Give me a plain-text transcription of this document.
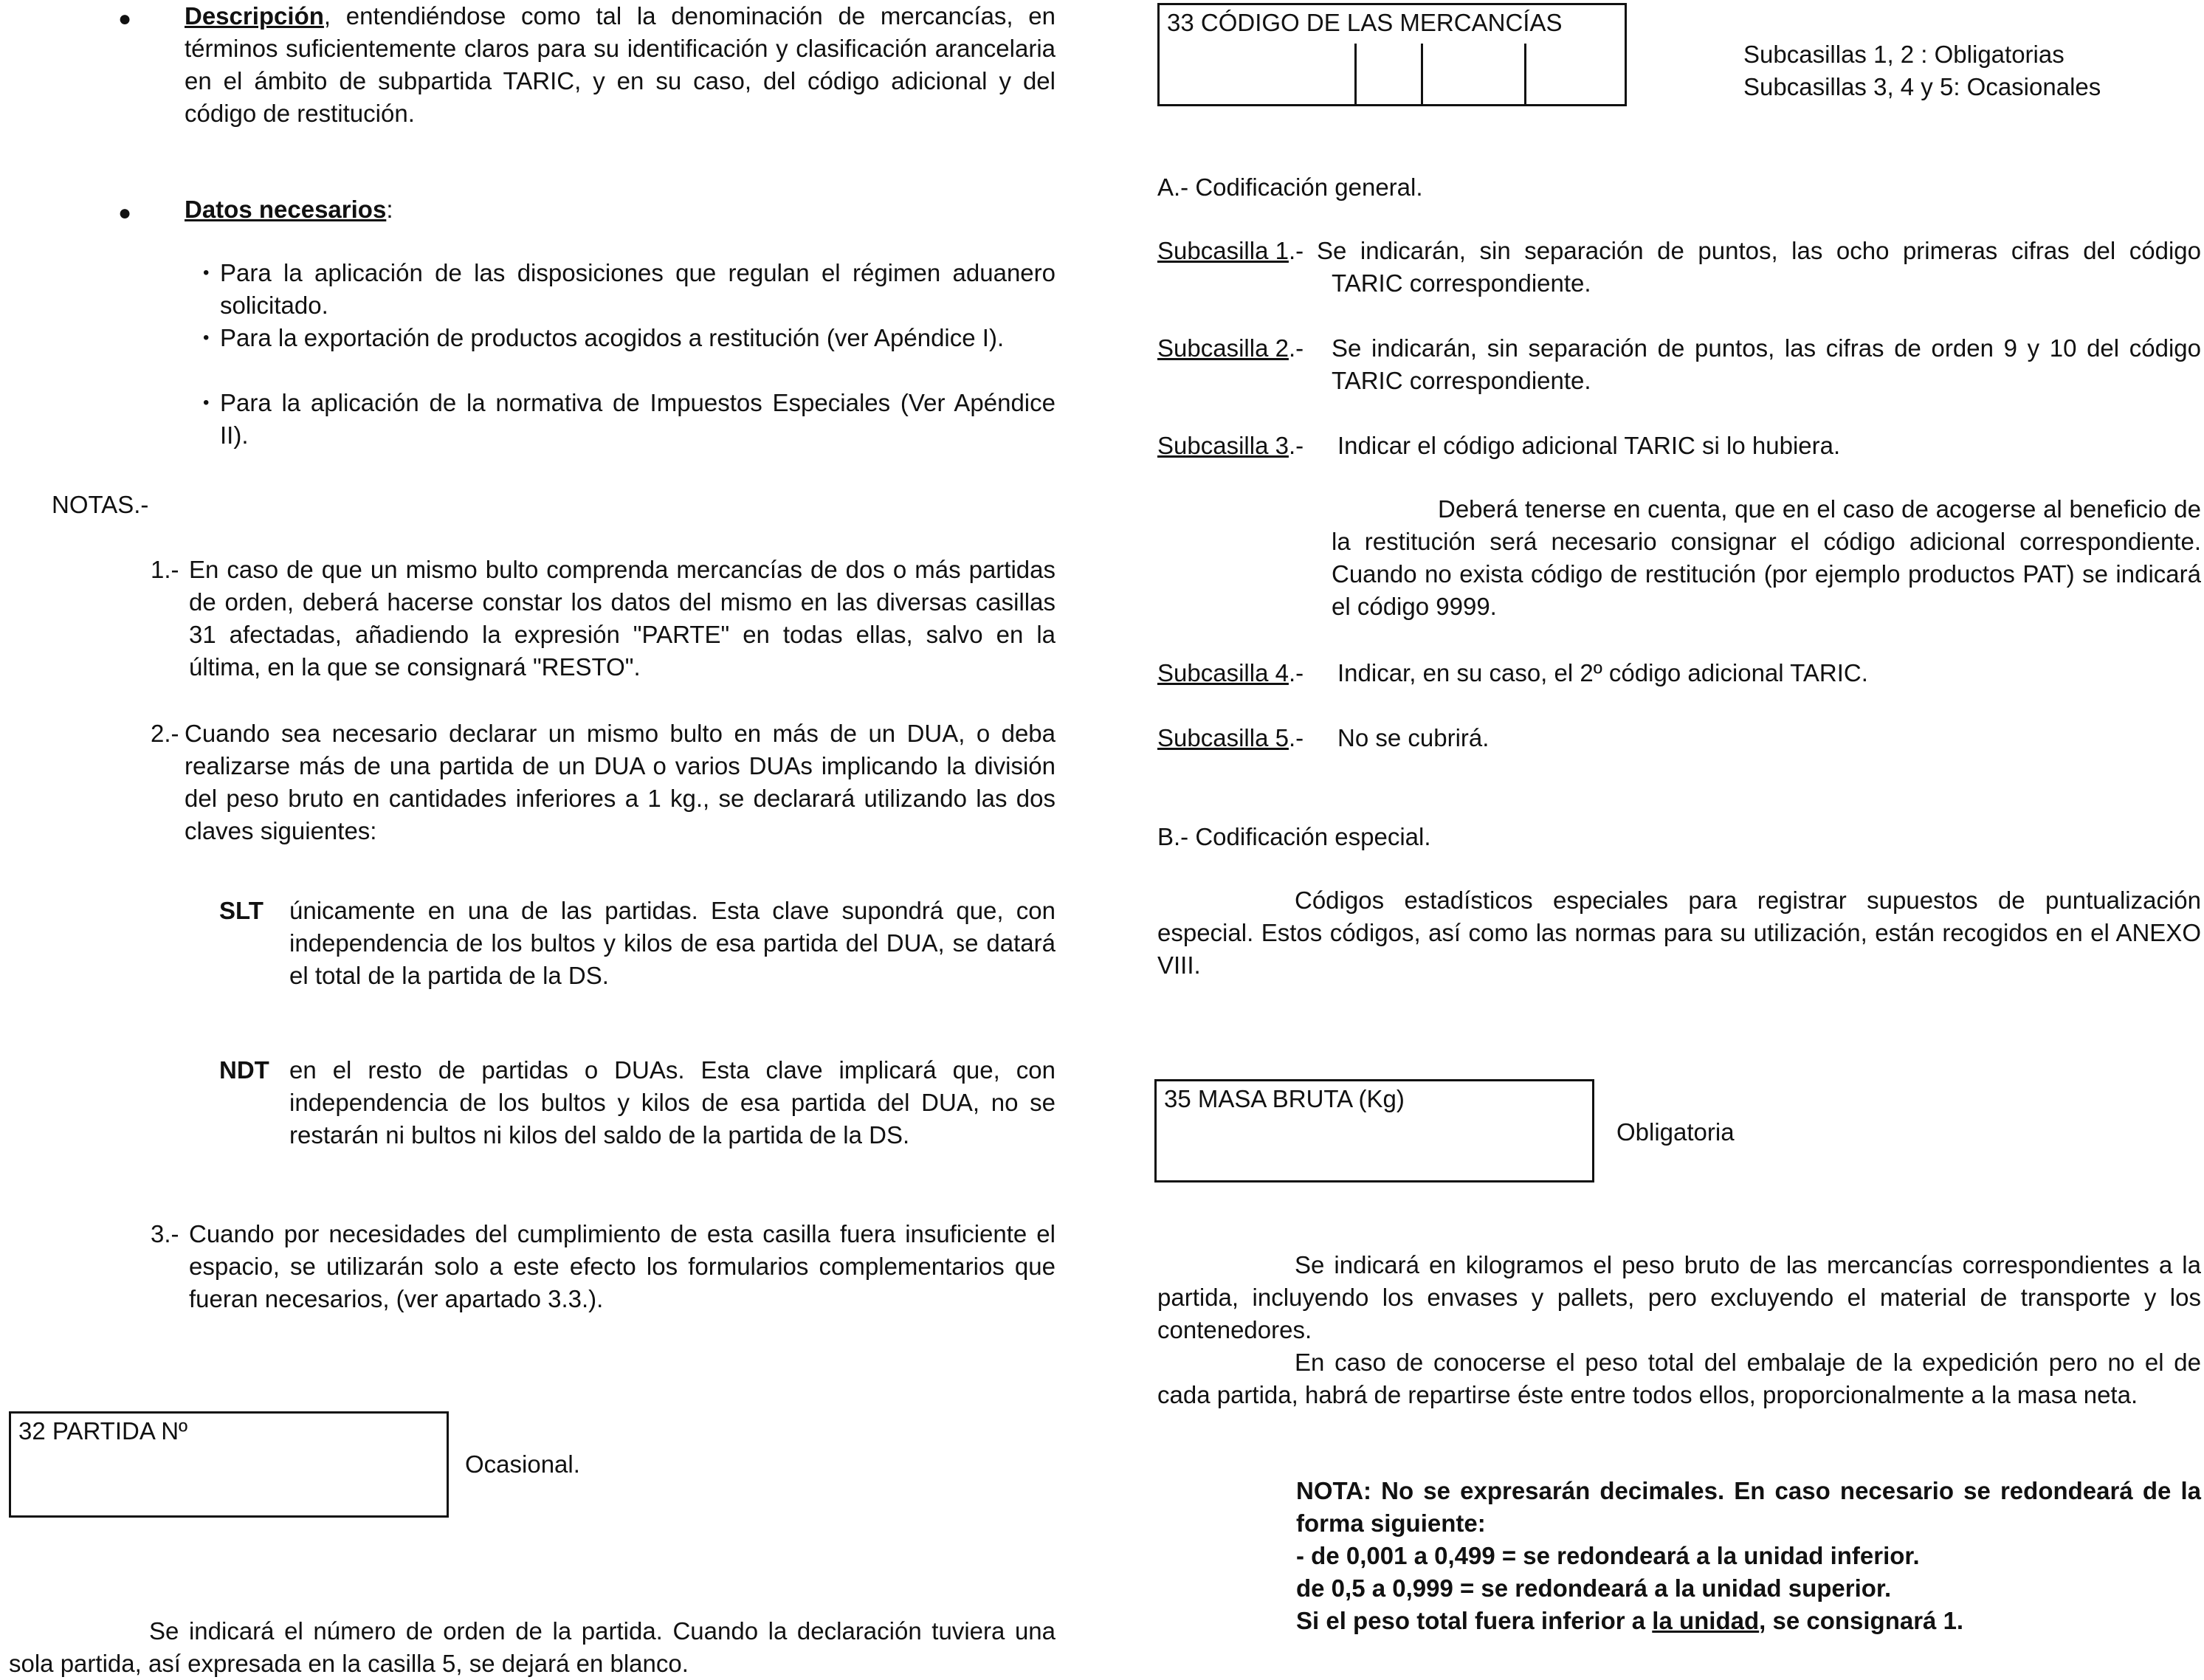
● Descripción, entendiéndose como tal la denominación de mercancías, en términos suficientemente claros para su identificación y clasificación arancelaria en el ámbito de subpartida TARIC, y en su caso, del código adicional y del código de restitución.

● Datos necesarios:

• Para la aplicación de las disposiciones que regulan el régimen aduanero solicitado.

• Para la exportación de productos acogidos a restitución (ver Apéndice I).

• Para la aplicación de la normativa de Impuestos Especiales (Ver Apéndice II).

NOTAS.-

1.- En caso de que un mismo bulto comprenda mercancías de dos o más partidas de orden, deberá hacerse constar los datos del mismo en las diversas casillas 31 afectadas, añadiendo la expresión "PARTE" en todas ellas, salvo en la última, en la que se consignará "RESTO".

2.- Cuando sea necesario declarar un mismo bulto en más de un DUA, o deba realizarse más de una partida de un DUA o varios DUAs implicando la división del peso bruto en cantidades inferiores a 1 kg., se declarará utilizando las dos claves siguientes:

SLT únicamente en una de las partidas. Esta clave supondrá que, con independencia de los bultos y kilos de esa partida del DUA, se datará el total de la partida de la DS.

NDT en el resto de partidas o DUAs. Esta clave implicará que, con independencia de los bultos y kilos de esa partida del DUA, no se restarán ni bultos ni kilos del saldo de la partida de la DS.

3.- Cuando por necesidades del cumplimiento de esta casilla fuera insuficiente el espacio, se utilizarán solo a este efecto los formularios complementarios que fueran necesarios, (ver apartado 3.3.).

32 PARTIDA Nº

Ocasional.

Se indicará el número de orden de la partida. Cuando la declaración tuviera una sola partida, así expresada en la casilla 5, se dejará en blanco.

33 CÓDIGO DE LAS MERCANCÍAS

Subcasillas 1, 2 : Obligatorias

Subcasillas 3, 4 y 5: Ocasionales

A.- Codificación general.

Subcasilla 1.- Se indicarán, sin separación de puntos, las ocho primeras cifras del código TARIC correspondiente.

Subcasilla 2.- Se indicarán, sin separación de puntos, las cifras de orden 9 y 10 del código TARIC correspondiente.

Subcasilla 3.- Indicar el código adicional TARIC si lo hubiera.

Deberá tenerse en cuenta, que en el caso de acogerse al beneficio de la restitución será necesario consignar el código adicional correspondiente. Cuando no exista código de restitución (por ejemplo productos PAT) se indicará el código 9999.

Subcasilla 4.- Indicar, en su caso, el 2º código adicional TARIC.

Subcasilla 5.- No se cubrirá.

B.- Codificación especial.

Códigos estadísticos especiales para registrar supuestos de puntualización especial. Estos códigos, así como las normas para su utilización, están recogidos en el ANEXO VIII.

35 MASA BRUTA (Kg)

Obligatoria

Se indicará en kilogramos el peso bruto de las mercancías correspondientes a la partida, incluyendo los envases y pallets, pero excluyendo el material de transporte y los contenedores.

En caso de conocerse el peso total del embalaje de la expedición pero no el de cada partida, habrá de repartirse éste entre todos ellos, proporcionalmente a la masa neta.

NOTA: No se expresarán decimales. En caso necesario se redondeará de la forma siguiente:

- de 0,001 a 0,499 = se redondeará a la unidad inferior.

de 0,5 a 0,999 = se redondeará a la unidad superior.

Si el peso total fuera inferior a la unidad, se consignará 1.
